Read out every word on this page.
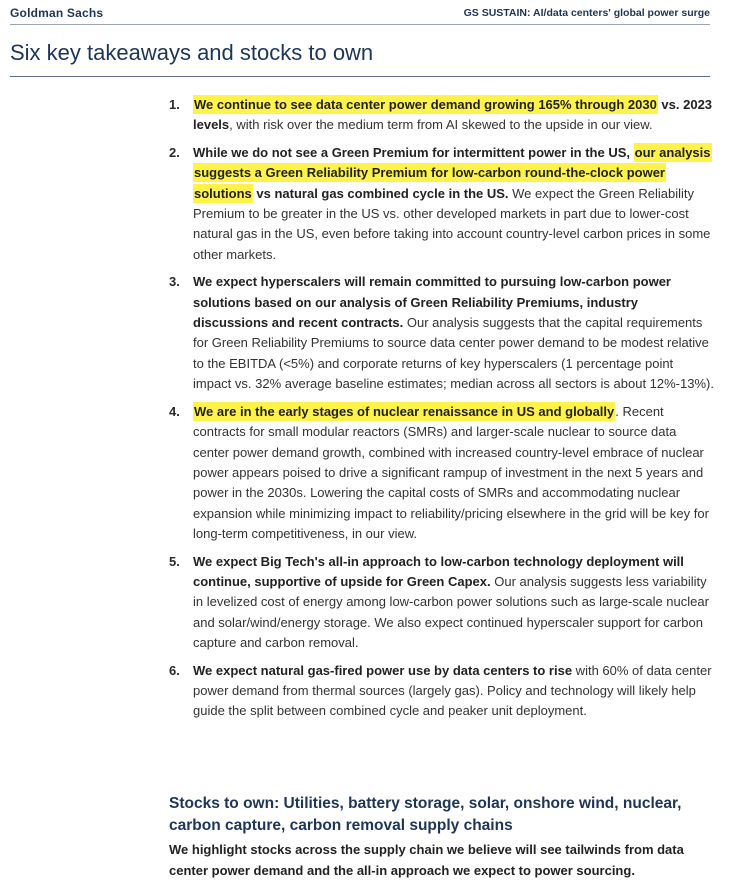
Goldman Sachs	GS SUSTAIN: AI/data centers' global power surge
Six key takeaways and stocks to own
1. We continue to see data center power demand growing 165% through 2030 vs. 2023 levels, with risk over the medium term from AI skewed to the upside in our view.
2. While we do not see a Green Premium for intermittent power in the US, our analysis suggests a Green Reliability Premium for low-carbon round-the-clock power solutions vs natural gas combined cycle in the US. We expect the Green Reliability Premium to be greater in the US vs. other developed markets in part due to lower-cost natural gas in the US, even before taking into account country-level carbon prices in some other markets.
3. We expect hyperscalers will remain committed to pursuing low-carbon power solutions based on our analysis of Green Reliability Premiums, industry discussions and recent contracts. Our analysis suggests that the capital requirements for Green Reliability Premiums to source data center power demand to be modest relative to the EBITDA (<5%) and corporate returns of key hyperscalers (1 percentage point impact vs. 32% average baseline estimates; median across all sectors is about 12%-13%).
4. We are in the early stages of nuclear renaissance in US and globally. Recent contracts for small modular reactors (SMRs) and larger-scale nuclear to source data center power demand growth, combined with increased country-level embrace of nuclear power appears poised to drive a significant rampup of investment in the next 5 years and power in the 2030s. Lowering the capital costs of SMRs and accommodating nuclear expansion while minimizing impact to reliability/pricing elsewhere in the grid will be key for long-term competitiveness, in our view.
5. We expect Big Tech's all-in approach to low-carbon technology deployment will continue, supportive of upside for Green Capex. Our analysis suggests less variability in levelized cost of energy among low-carbon power solutions such as large-scale nuclear and solar/wind/energy storage. We also expect continued hyperscaler support for carbon capture and carbon removal.
6. We expect natural gas-fired power use by data centers to rise with 60% of data center power demand from thermal sources (largely gas). Policy and technology will likely help guide the split between combined cycle and peaker unit deployment.
Stocks to own: Utilities, battery storage, solar, onshore wind, nuclear, carbon capture, carbon removal supply chains

We highlight stocks across the supply chain we believe will see tailwinds from data center power demand and the all-in approach we expect to power sourcing.
